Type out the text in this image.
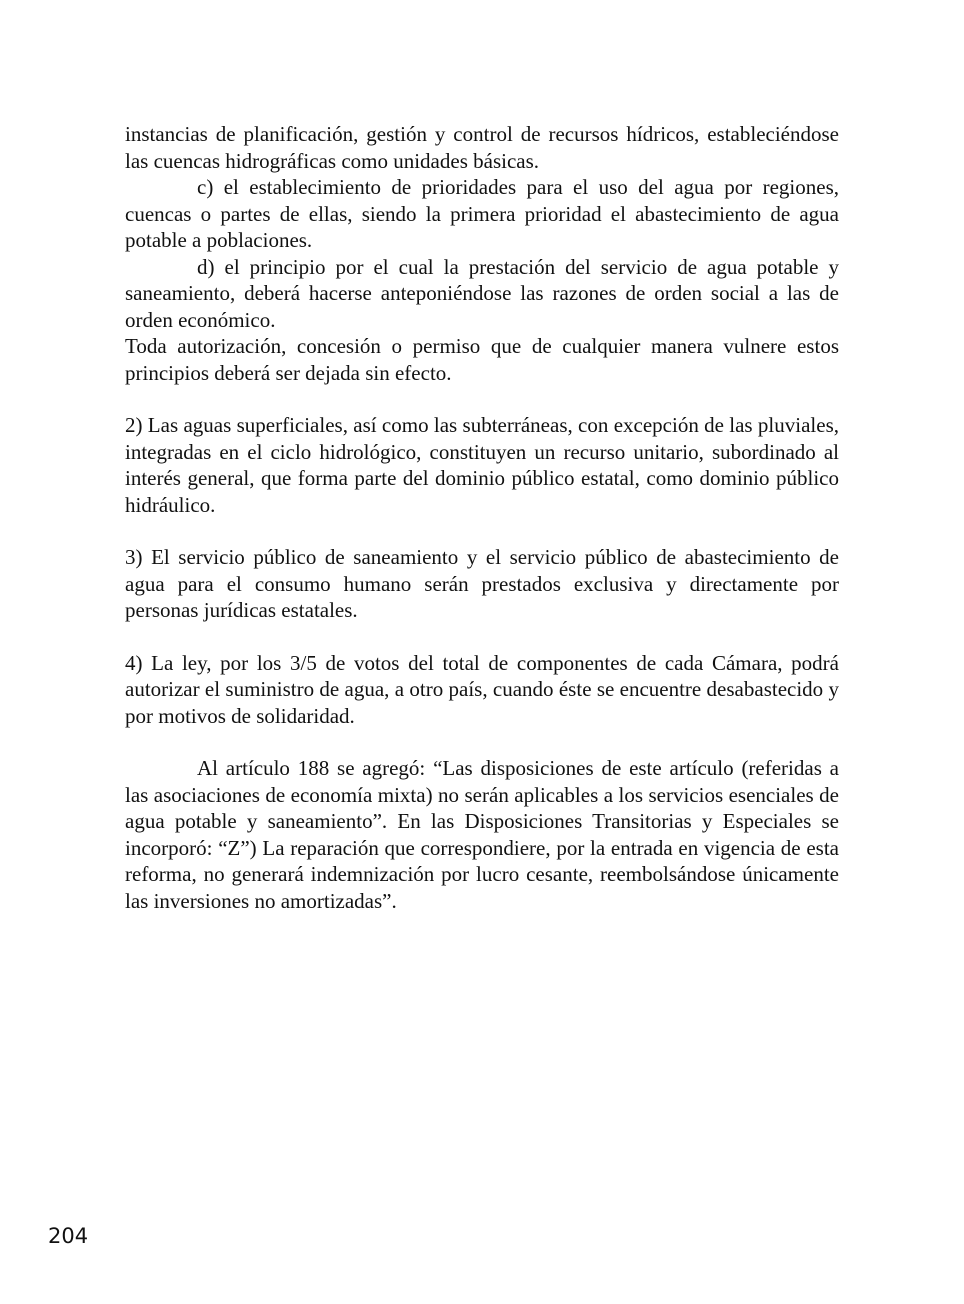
instancias de planificación, gestión y control de recursos hídricos, estableciéndose las cuencas hidrográficas como unidades básicas.

c) el establecimiento de prioridades para el uso del agua por regiones, cuencas o partes de ellas, siendo la primera prioridad el abastecimiento de agua potable a poblaciones.

d) el principio por el cual la prestación del servicio de agua potable y saneamiento, deberá hacerse anteponiéndose las razones de orden social a las de orden económico.

Toda autorización, concesión o permiso que de cualquier manera vulnere estos principios deberá ser dejada sin efecto.

2) Las aguas superficiales, así como las subterráneas, con excepción de las pluviales, integradas en el ciclo hidrológico, constituyen un recurso unitario, subordinado al interés general, que forma parte del dominio público estatal, como dominio público hidráulico.

3) El servicio público de saneamiento y el servicio público de abastecimiento de agua para el consumo humano serán prestados exclusiva y directamente por personas jurídicas estatales.

4) La ley, por los 3/5 de votos del total de componentes de cada Cámara, podrá autorizar el suministro de agua, a otro país, cuando éste se encuentre desabastecido y por motivos de solidaridad.

Al artículo 188 se agregó: “Las disposiciones de este artículo (referidas a las asociaciones de economía mixta) no serán aplicables a los servicios esenciales de agua potable y saneamiento”. En las Disposiciones Transitorias y Especiales se incorporó: “Z”) La reparación que correspondiere, por la entrada en vigencia de esta reforma, no generará indemnización por lucro cesante, reembolsándose únicamente las inversiones no amortizadas”.

204
